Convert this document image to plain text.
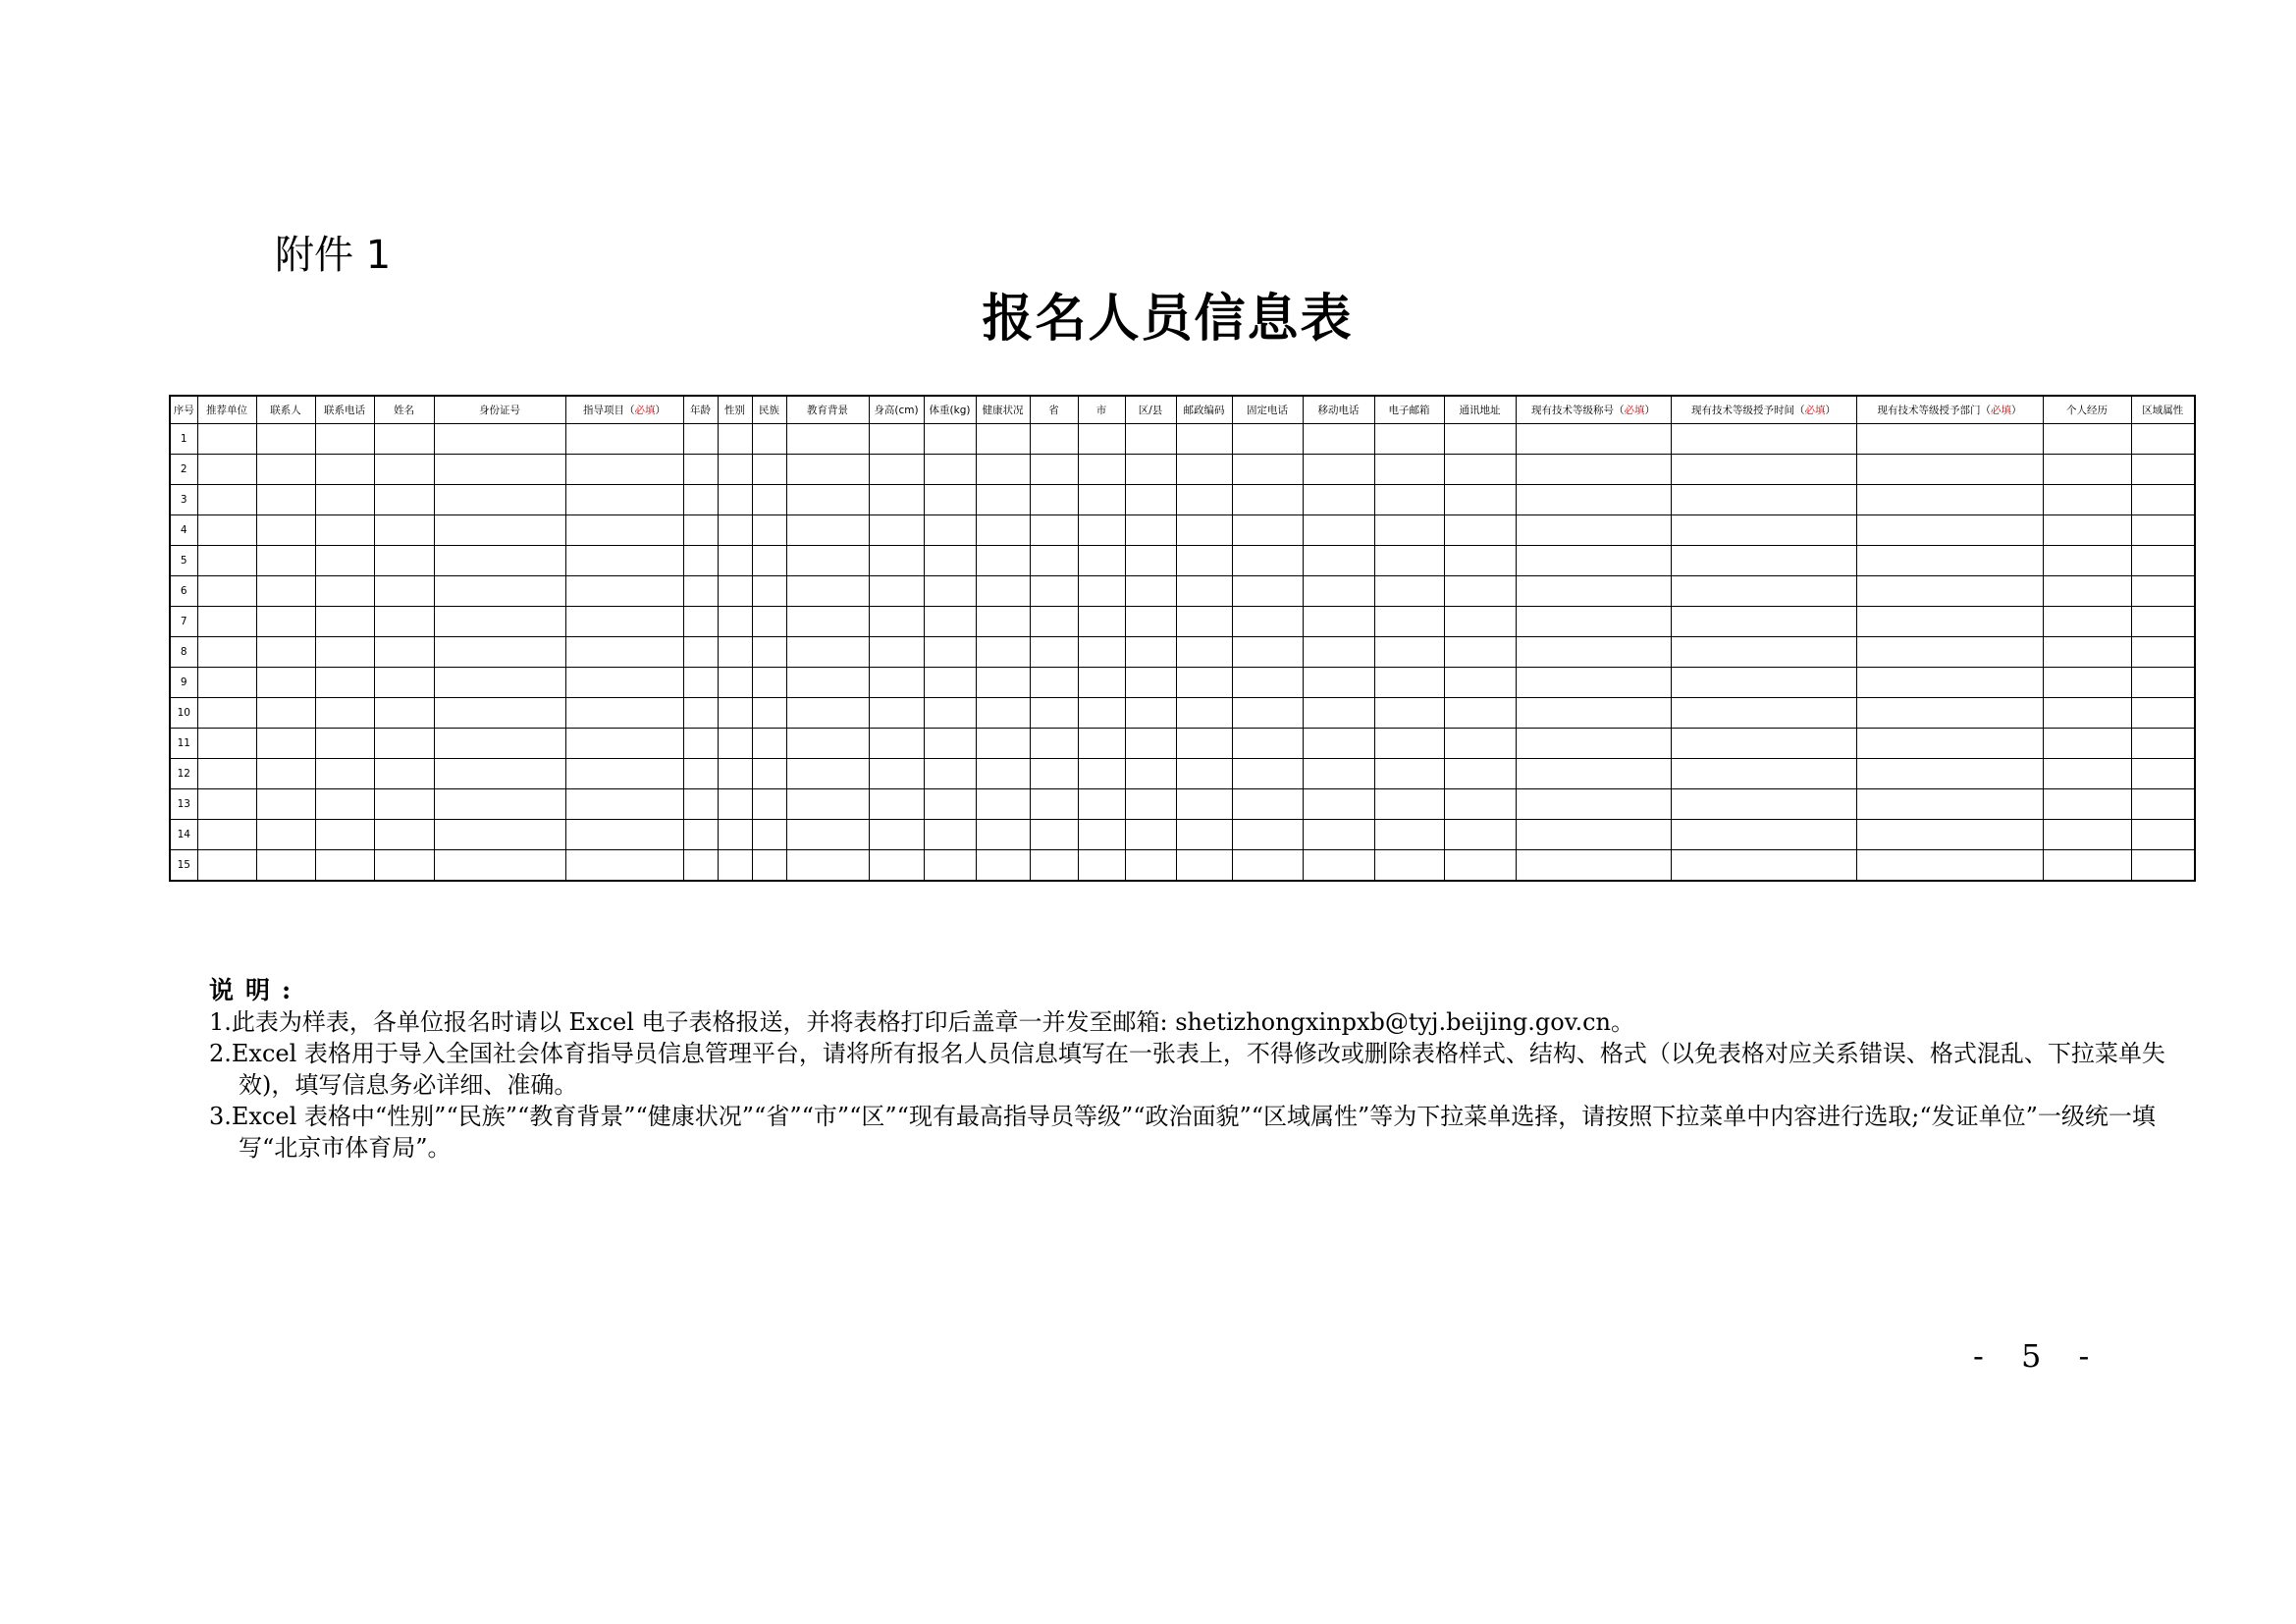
附件 1
报名人员信息表
序号	推荐单位	联系人	联系电话	姓名	身份证号	指导项目（必填）	年龄	性别	民族	教育背景	身高(cm)	体重(kg)	健康状况	省	市	区/县	邮政编码	固定电话	移动电话	电子邮箱	通讯地址	现有技术等级称号（必填）	现有技术等级授予时间（必填）	现有技术等级授予部门（必填）	个人经历	区域属性
1																										
2																										
3																										
4																										
5																										
6																										
7																										
8																										
9																										
10																										
11																										
12																										
13																										
14																										
15																										
说明:
1.此表为样表，各单位报名时请以 Excel 电子表格报送，并将表格打印后盖章一并发至邮箱: shetizhongxinpxb@tyj.beijing.gov.cn。
2.Excel 表格用于导入全国社会体育指导员信息管理平台，请将所有报名人员信息填写在一张表上，不得修改或删除表格样式、结构、格式（以免表格对应关系错误、格式混乱、下拉菜单失效)，填写信息务必详细、准确。
3.Excel 表格中“性别”“民族”“教育背景”“健康状况”“省”“市”“区”“现有最高指导员等级”“政治面貌”“区域属性”等为下拉菜单选择，请按照下拉菜单中内容进行选取;“发证单位”一级统一填写“北京市体育局”。
- 5 -
